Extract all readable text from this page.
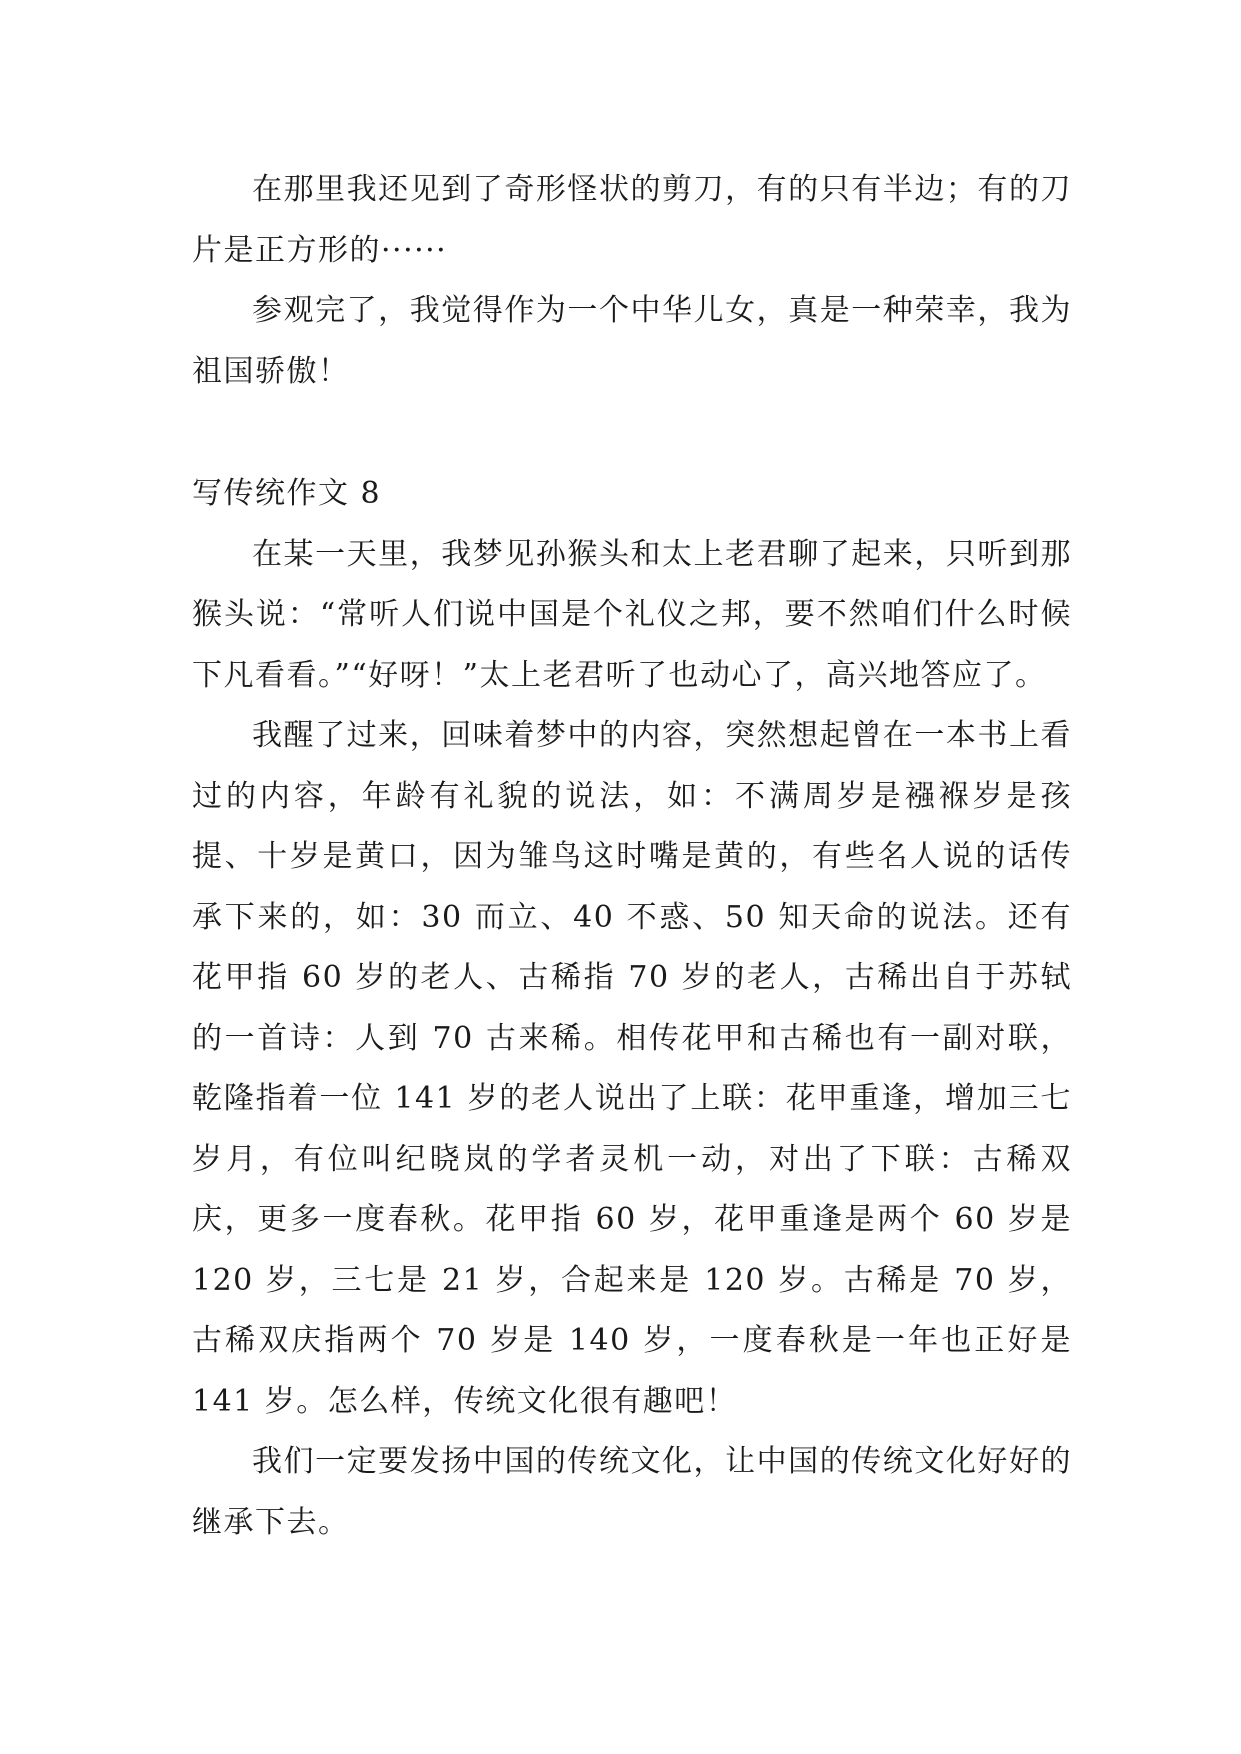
在那里我还见到了奇形怪状的剪刀，有的只有半边；有的刀片是正方形的······

参观完了，我觉得作为一个中华儿女，真是一种荣幸，我为祖国骄傲！

写传统作文 8

在某一天里，我梦见孙猴头和太上老君聊了起来，只听到那猴头说：“常听人们说中国是个礼仪之邦，要不然咱们什么时候下凡看看。”“好呀！”太上老君听了也动心了，高兴地答应了。

我醒了过来，回味着梦中的内容，突然想起曾在一本书上看过的内容，年龄有礼貌的说法，如：不满周岁是襁褓岁是孩提、十岁是黄口，因为雏鸟这时嘴是黄的，有些名人说的话传承下来的，如：30 而立、40 不惑、50 知天命的说法。还有花甲指 60 岁的老人、古稀指 70 岁的老人，古稀出自于苏轼的一首诗：人到 70 古来稀。相传花甲和古稀也有一副对联，乾隆指着一位 141 岁的老人说出了上联：花甲重逢，增加三七岁月，有位叫纪晓岚的学者灵机一动，对出了下联：古稀双庆，更多一度春秋。花甲指 60 岁，花甲重逢是两个 60 岁是 120 岁，三七是 21 岁，合起来是 120 岁。古稀是 70 岁，古稀双庆指两个 70 岁是 140 岁，一度春秋是一年也正好是 141 岁。怎么样，传统文化很有趣吧！

我们一定要发扬中国的传统文化，让中国的传统文化好好的继承下去。
